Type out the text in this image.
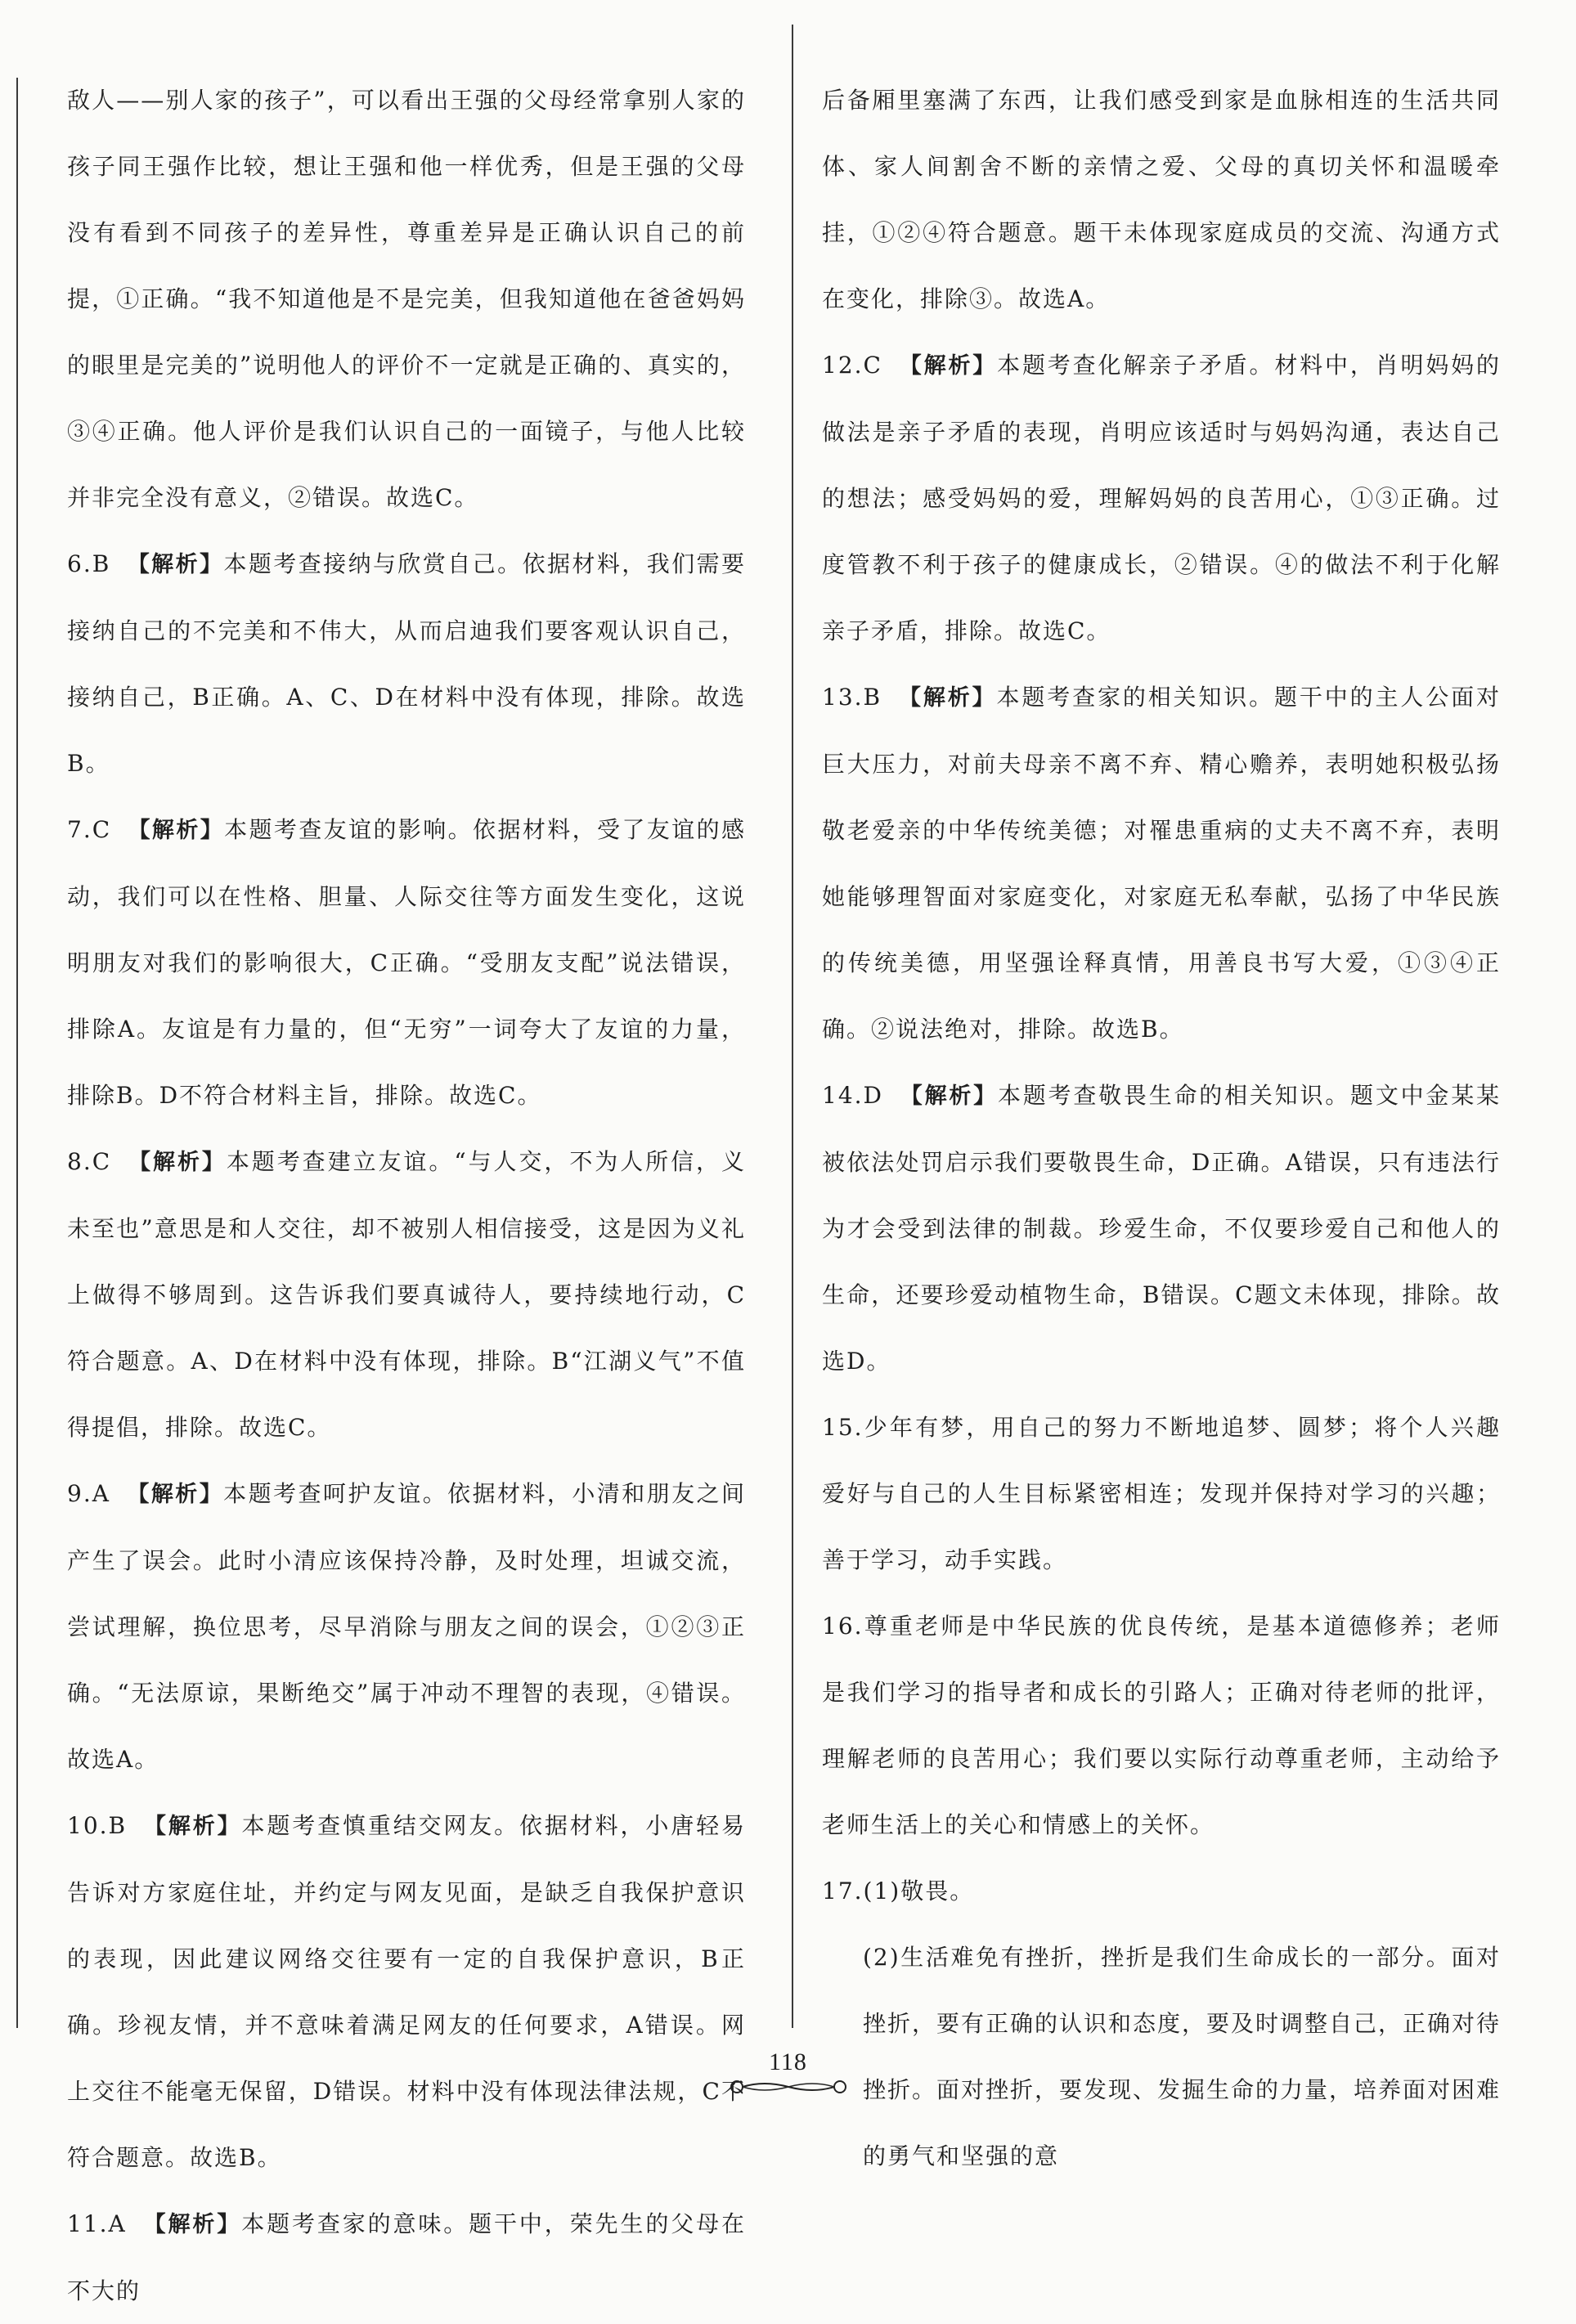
敌人——别人家的孩子”，可以看出王强的父母经常拿别人家的孩子同王强作比较，想让王强和他一样优秀，但是王强的父母没有看到不同孩子的差异性，尊重差异是正确认识自己的前提，①正确。“我不知道他是不是完美，但我知道他在爸爸妈妈的眼里是完美的”说明他人的评价不一定就是正确的、真实的，③④正确。他人评价是我们认识自己的一面镜子，与他人比较并非完全没有意义，②错误。故选C。

6.B 【解析】本题考查接纳与欣赏自己。依据材料，我们需要接纳自己的不完美和不伟大，从而启迪我们要客观认识自己，接纳自己，B正确。A、C、D在材料中没有体现，排除。故选B。

7.C 【解析】本题考查友谊的影响。依据材料，受了友谊的感动，我们可以在性格、胆量、人际交往等方面发生变化，这说明朋友对我们的影响很大，C正确。“受朋友支配”说法错误，排除A。友谊是有力量的，但“无穷”一词夸大了友谊的力量，排除B。D不符合材料主旨，排除。故选C。

8.C 【解析】本题考查建立友谊。“与人交，不为人所信，义未至也”意思是和人交往，却不被别人相信接受，这是因为义礼上做得不够周到。这告诉我们要真诚待人，要持续地行动，C符合题意。A、D在材料中没有体现，排除。B“江湖义气”不值得提倡，排除。故选C。

9.A 【解析】本题考查呵护友谊。依据材料，小清和朋友之间产生了误会。此时小清应该保持冷静，及时处理，坦诚交流，尝试理解，换位思考，尽早消除与朋友之间的误会，①②③正确。“无法原谅，果断绝交”属于冲动不理智的表现，④错误。故选A。

10.B 【解析】本题考查慎重结交网友。依据材料，小唐轻易告诉对方家庭住址，并约定与网友见面，是缺乏自我保护意识的表现，因此建议网络交往要有一定的自我保护意识，B正确。珍视友情，并不意味着满足网友的任何要求，A错误。网上交往不能毫无保留，D错误。材料中没有体现法律法规，C不符合题意。故选B。

11.A 【解析】本题考查家的意味。题干中，荣先生的父母在不大的

后备厢里塞满了东西，让我们感受到家是血脉相连的生活共同体、家人间割舍不断的亲情之爱、父母的真切关怀和温暖牵挂，①②④符合题意。题干未体现家庭成员的交流、沟通方式在变化，排除③。故选A。

12.C 【解析】本题考查化解亲子矛盾。材料中，肖明妈妈的做法是亲子矛盾的表现，肖明应该适时与妈妈沟通，表达自己的想法；感受妈妈的爱，理解妈妈的良苦用心，①③正确。过度管教不利于孩子的健康成长，②错误。④的做法不利于化解亲子矛盾，排除。故选C。

13.B 【解析】本题考查家的相关知识。题干中的主人公面对巨大压力，对前夫母亲不离不弃、精心赡养，表明她积极弘扬敬老爱亲的中华传统美德；对罹患重病的丈夫不离不弃，表明她能够理智面对家庭变化，对家庭无私奉献，弘扬了中华民族的传统美德，用坚强诠释真情，用善良书写大爱，①③④正确。②说法绝对，排除。故选B。

14.D 【解析】本题考查敬畏生命的相关知识。题文中金某某被依法处罚启示我们要敬畏生命，D正确。A错误，只有违法行为才会受到法律的制裁。珍爱生命，不仅要珍爱自己和他人的生命，还要珍爱动植物生命，B错误。C题文未体现，排除。故选D。

15.少年有梦，用自己的努力不断地追梦、圆梦；将个人兴趣爱好与自己的人生目标紧密相连；发现并保持对学习的兴趣；善于学习，动手实践。

16.尊重老师是中华民族的优良传统，是基本道德修养；老师是我们学习的指导者和成长的引路人；正确对待老师的批评，理解老师的良苦用心；我们要以实际行动尊重老师，主动给予老师生活上的关心和情感上的关怀。

17.(1)敬畏。

(2)生活难免有挫折，挫折是我们生命成长的一部分。面对挫折，要有正确的认识和态度，要及时调整自己，正确对待挫折。面对挫折，要发现、发掘生命的力量，培养面对困难的勇气和坚强的意

118
